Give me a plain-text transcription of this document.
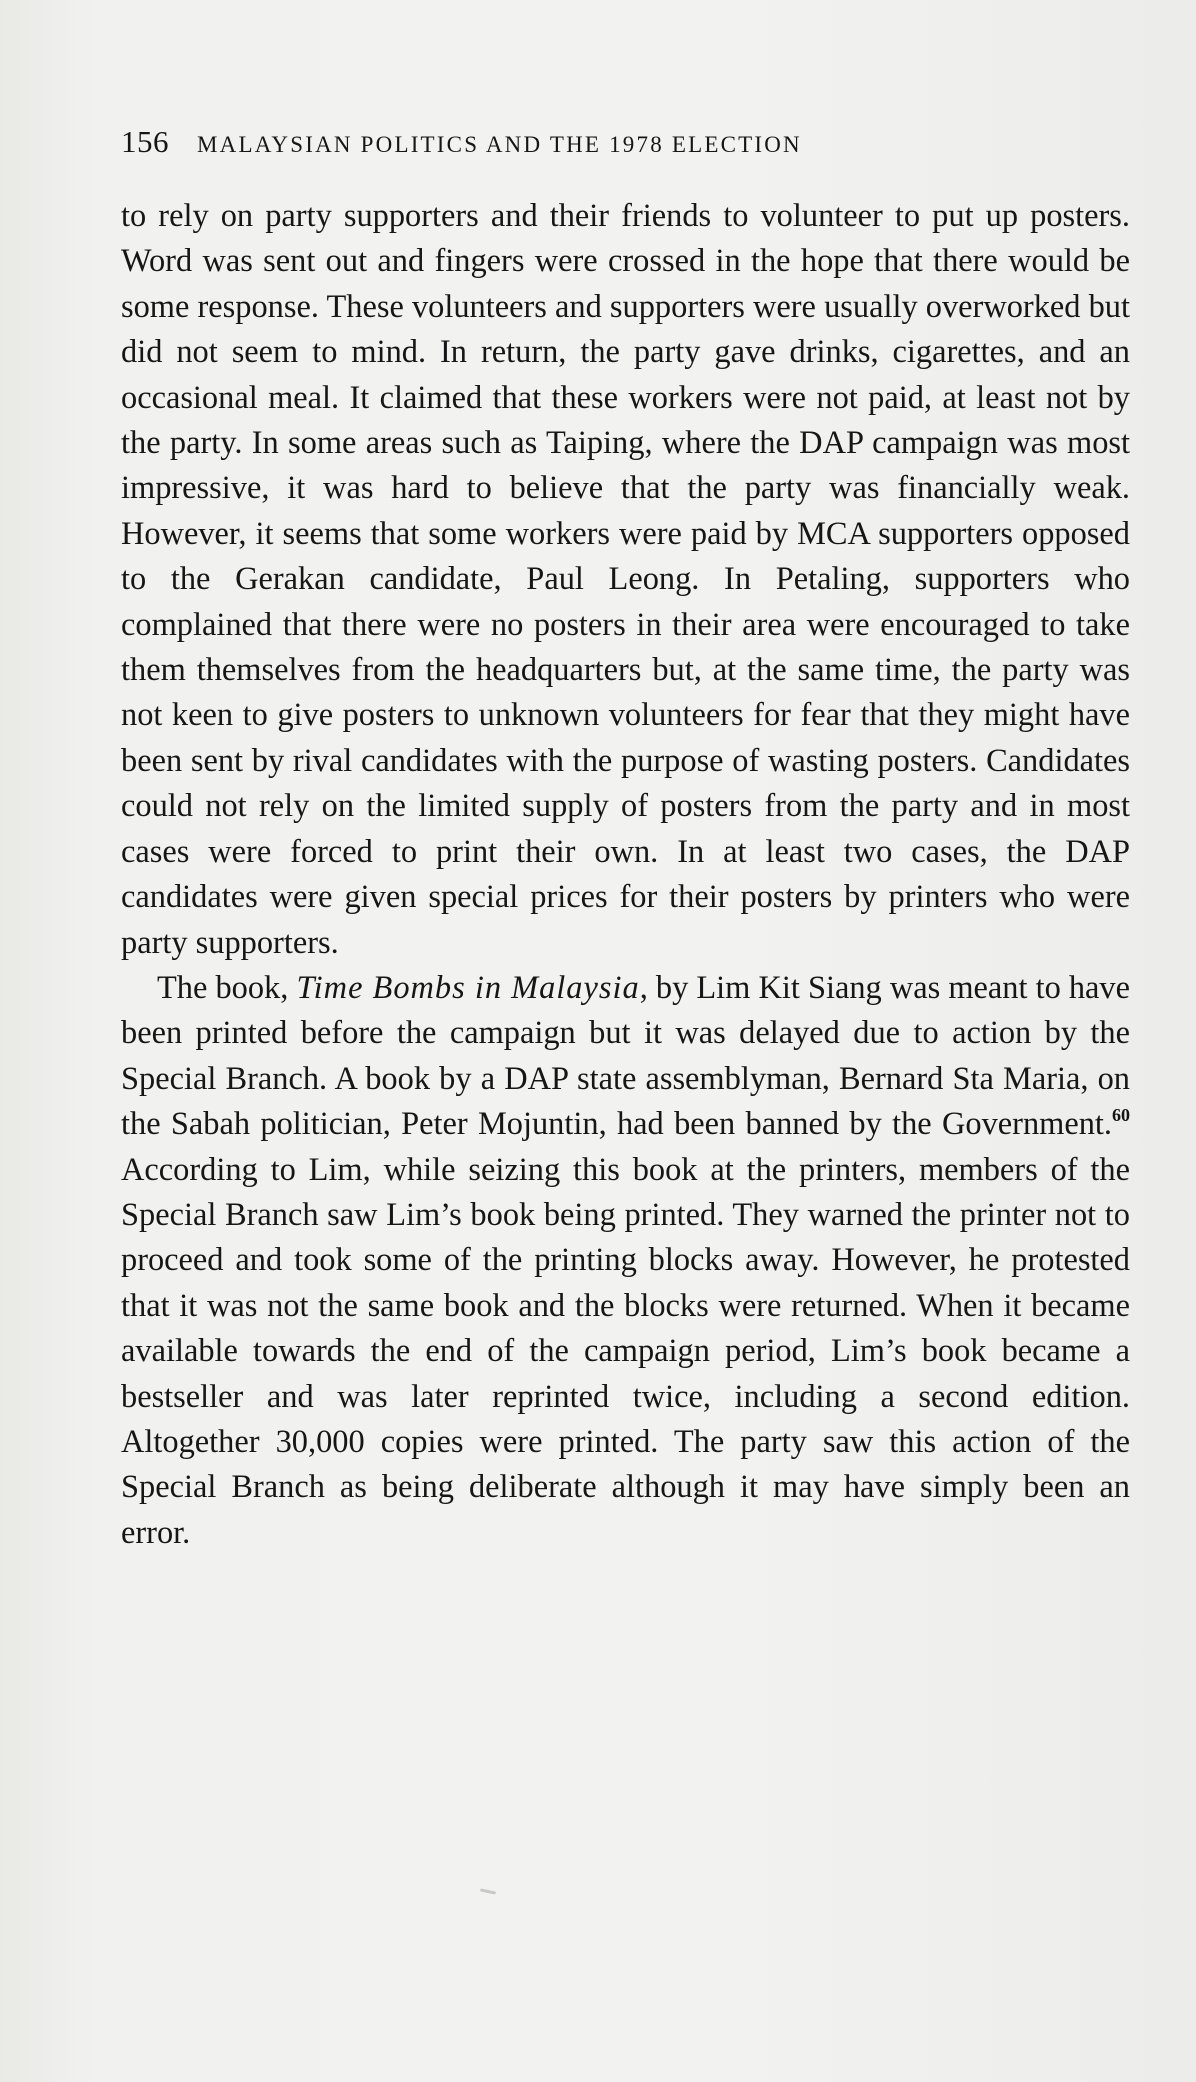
156 MALAYSIAN POLITICS AND THE 1978 ELECTION

to rely on party supporters and their friends to volunteer to put up posters. Word was sent out and fingers were crossed in the hope that there would be some response. These volunteers and supporters were usually overworked but did not seem to mind. In return, the party gave drinks, cigarettes, and an occasional meal. It claimed that these workers were not paid, at least not by the party. In some areas such as Taiping, where the DAP campaign was most impressive, it was hard to believe that the party was financially weak. However, it seems that some workers were paid by MCA supporters opposed to the Gerakan candidate, Paul Leong. In Petaling, supporters who complained that there were no posters in their area were encouraged to take them themselves from the headquarters but, at the same time, the party was not keen to give posters to unknown volunteers for fear that they might have been sent by rival candidates with the purpose of wasting posters. Candidates could not rely on the limited supply of posters from the party and in most cases were forced to print their own. In at least two cases, the DAP candidates were given special prices for their posters by printers who were party supporters.

The book, Time Bombs in Malaysia, by Lim Kit Siang was meant to have been printed before the campaign but it was delayed due to action by the Special Branch. A book by a DAP state assemblyman, Bernard Sta Maria, on the Sabah politician, Peter Mojuntin, had been banned by the Government.$^{60}$ According to Lim, while seizing this book at the printers, members of the Special Branch saw Lim’s book being printed. They warned the printer not to proceed and took some of the printing blocks away. However, he protested that it was not the same book and the blocks were returned. When it became available towards the end of the campaign period, Lim’s book became a bestseller and was later reprinted twice, including a second edition. Altogether 30,000 copies were printed. The party saw this action of the Special Branch as being deliberate although it may have simply been an error.
